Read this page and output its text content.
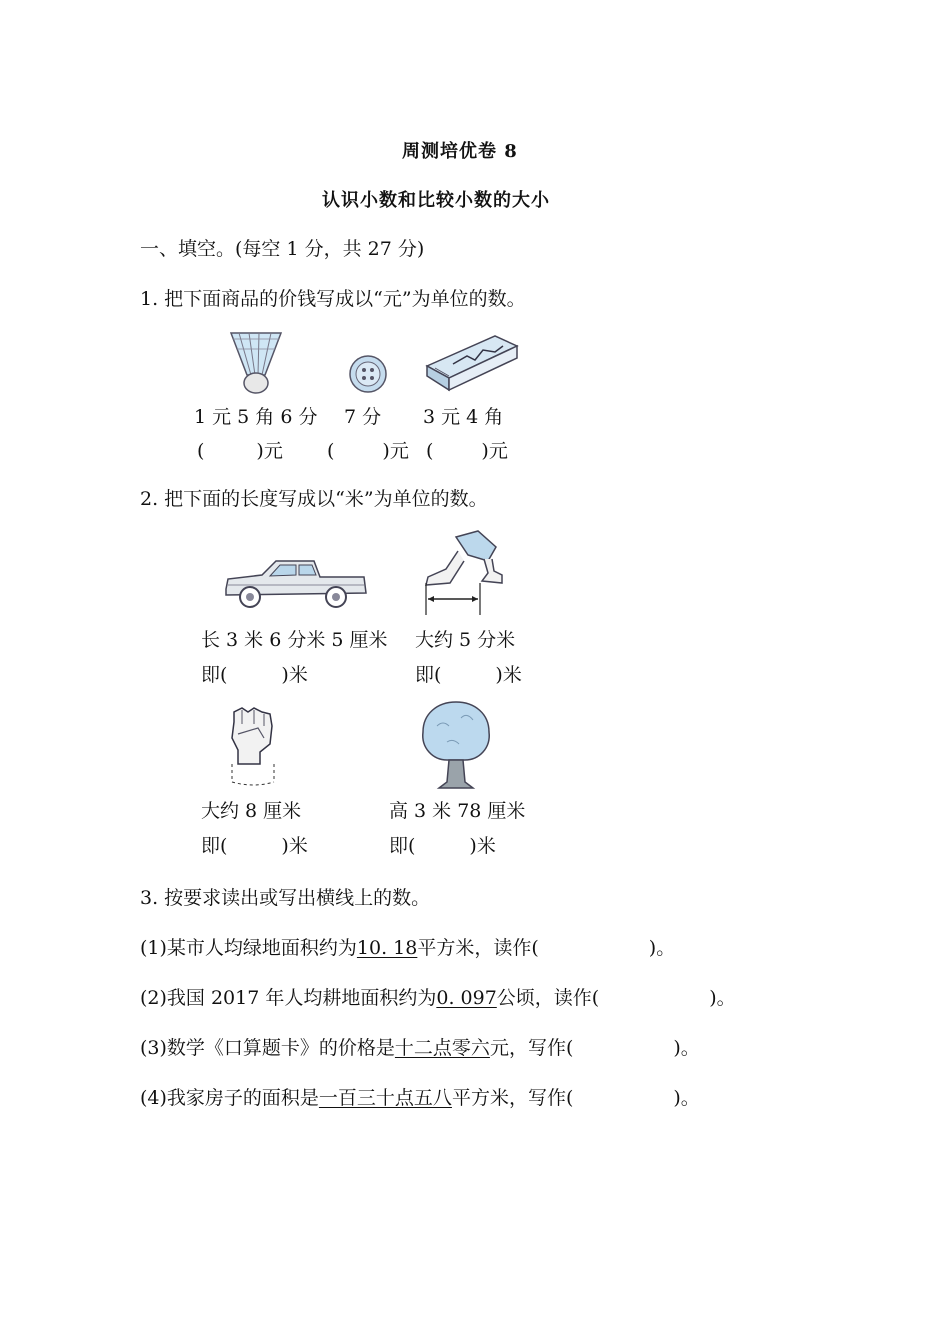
周测培优卷 8
认识小数和比较小数的大小
一、填空。(每空 1 分，共 27 分)
1. 把下面商品的价钱写成以“元”为单位的数。
1 元 5 角 6 分 7 分 3 元 4 角
(	)元 (	)元 (	)元
2. 把下面的长度写成以“米”为单位的数。
长 3 米 6 分米 5 厘米 大约 5 分米
即(	)米	即(	)米
大约 8 厘米	高 3 米 78 厘米
即(	)米	即(	)米
3. 按要求读出或写出横线上的数。
(1)某市人均绿地面积约为10. 18平方米，读作(	)。
(2)我国 2017 年人均耕地面积约为0. 097公顷，读作(	)。
(3)数学《口算题卡》的价格是十二点零六元，写作(	)。
(4)我家房子的面积是一百三十点五八平方米，写作(	)。
